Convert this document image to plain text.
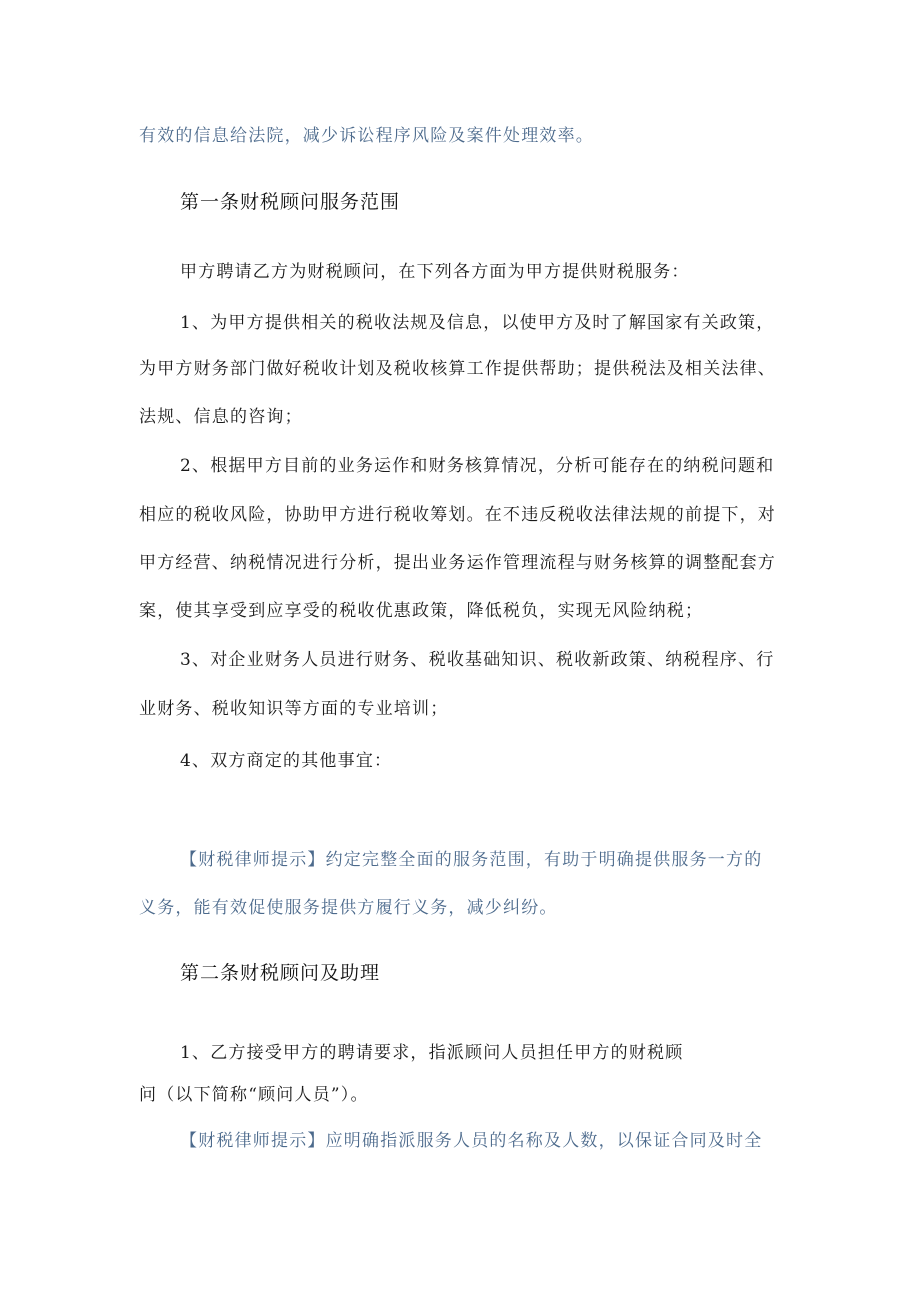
有效的信息给法院，减少诉讼程序风险及案件处理效率。
第一条财税顾问服务范围
甲方聘请乙方为财税顾问，在下列各方面为甲方提供财税服务：
1、为甲方提供相关的税收法规及信息，以使甲方及时了解国家有关政策，
为甲方财务部门做好税收计划及税收核算工作提供帮助；提供税法及相关法律、
法规、信息的咨询；
2、根据甲方目前的业务运作和财务核算情况，分析可能存在的纳税问题和
相应的税收风险，协助甲方进行税收筹划。在不违反税收法律法规的前提下，对
甲方经营、纳税情况进行分析，提出业务运作管理流程与财务核算的调整配套方
案，使其享受到应享受的税收优惠政策，降低税负，实现无风险纳税；
3、对企业财务人员进行财务、税收基础知识、税收新政策、纳税程序、行
业财务、税收知识等方面的专业培训；
4、双方商定的其他事宜：
【财税律师提示】约定完整全面的服务范围，有助于明确提供服务一方的
义务，能有效促使服务提供方履行义务，减少纠纷。
第二条财税顾问及助理
1、乙方接受甲方的聘请要求，指派顾问人员担任甲方的财税顾
问（以下简称“顾问人员”）。
【财税律师提示】应明确指派服务人员的名称及人数，以保证合同及时全
